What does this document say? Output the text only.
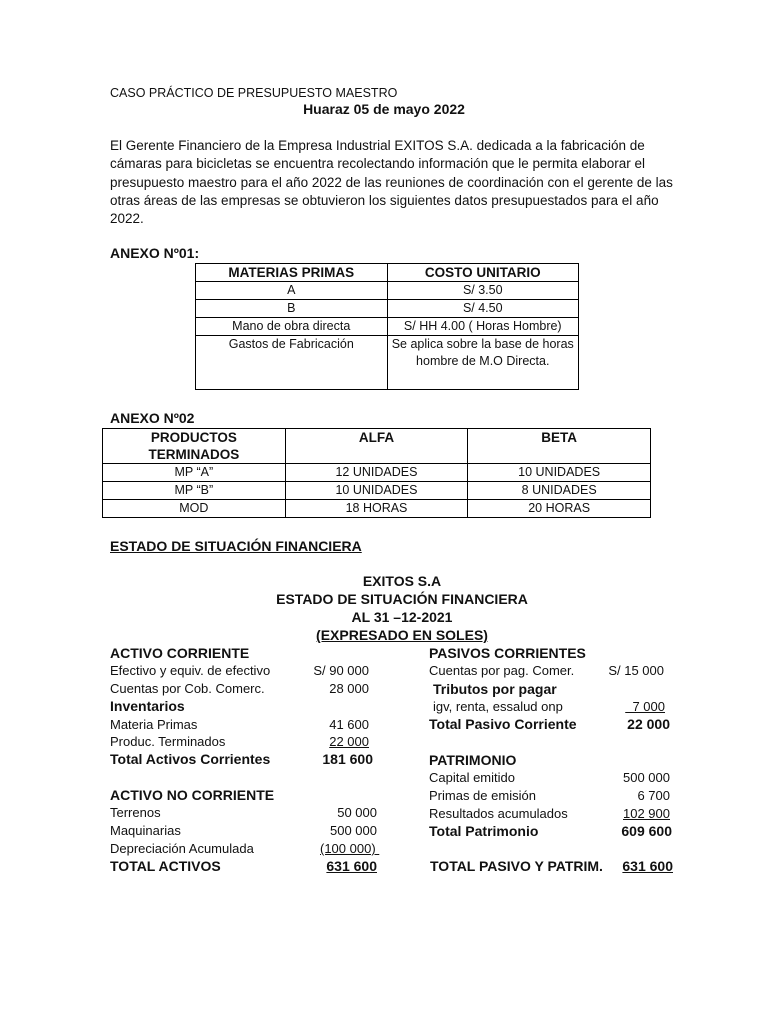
CASO PRÁCTICO DE PRESUPUESTO MAESTRO
Huaraz 05 de mayo 2022
El Gerente Financiero de la Empresa Industrial EXITOS S.A. dedicada a la fabricación de cámaras para bicicletas se encuentra recolectando información que le permita elaborar el presupuesto maestro para el año 2022 de las reuniones de coordinación con el gerente de las otras áreas de las empresas se obtuvieron los siguientes datos presupuestados para el año 2022.
ANEXO Nº01:
MATERIAS PRIMAS	COSTO UNITARIO
A	S/ 3.50
B	S/ 4.50
Mano de obra directa	S/ HH 4.00 ( Horas Hombre)
Gastos de Fabricación	Se aplica sobre la base de horas hombre de M.O Directa.
ANEXO Nº02
PRODUCTOS TERMINADOS	ALFA	BETA
MP “A”	12 UNIDADES	10 UNIDADES
MP “B”	10 UNIDADES	8 UNIDADES
MOD	18 HORAS	20 HORAS
ESTADO DE SITUACIÓN FINANCIERA
EXITOS S.A
ESTADO DE SITUACIÓN FINANCIERA
AL 31 –12-2021
(EXPRESADO EN SOLES)
ACTIVO CORRIENTE
Efectivo y equiv. de efectivo	S/ 90 000
Cuentas por Cob. Comerc.	28 000
Inventarios
Materia Primas	41 600
Produc. Terminados	22 000
Total Activos Corrientes	181 600
ACTIVO NO CORRIENTE
Terrenos	50 000
Maquinarias	500 000
Depreciación Acumulada	(100 000)
TOTAL ACTIVOS	631 600
PASIVOS CORRIENTES
Cuentas por pag. Comer.	S/ 15 000
Tributos por pagar
igv, renta, essalud onp	7 000
Total Pasivo Corriente	22 000
PATRIMONIO
Capital emitido	500 000
Primas de emisión	6 700
Resultados acumulados	102 900
Total Patrimonio	609 600
TOTAL PASIVO Y PATRIM.	631 600
